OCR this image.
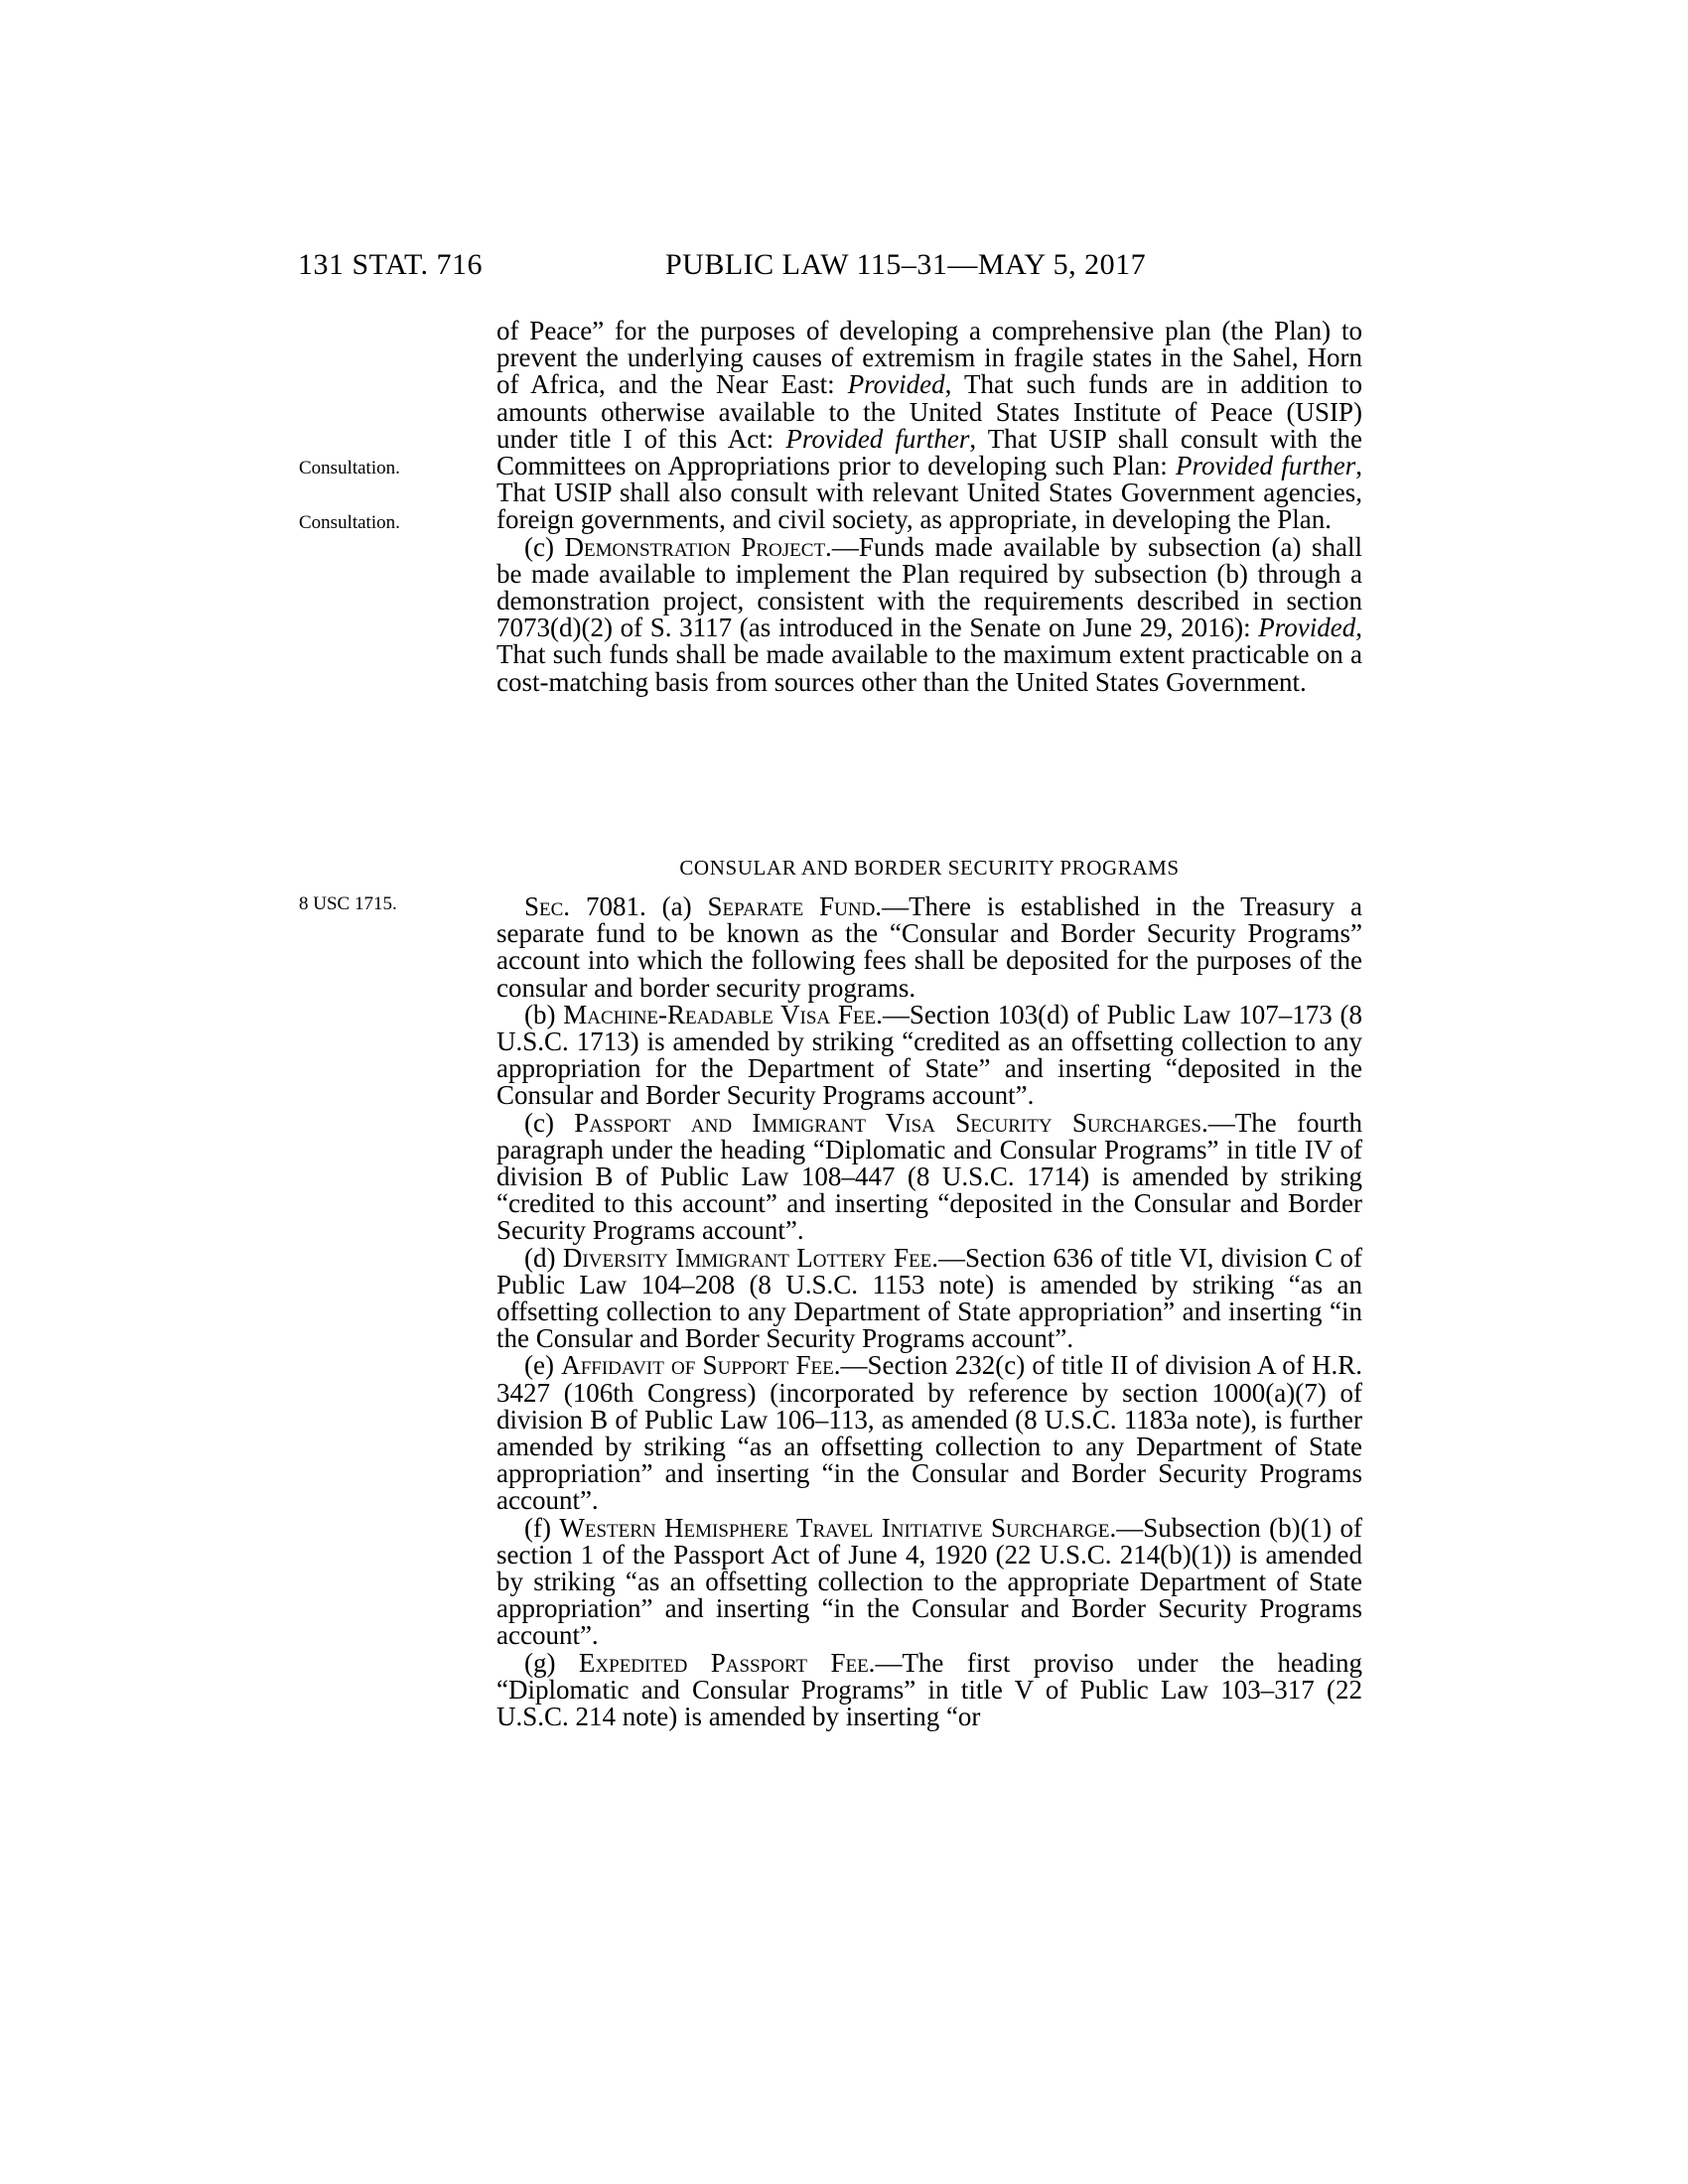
131 STAT. 716	PUBLIC LAW 115–31—MAY 5, 2017
Consultation.
Consultation.
8 USC 1715.

of Peace” for the purposes of developing a comprehensive plan (the Plan) to prevent the underlying causes of extremism in fragile states in the Sahel, Horn of Africa, and the Near East: Provided, That such funds are in addition to amounts otherwise available to the United States Institute of Peace (USIP) under title I of this Act: Provided further, That USIP shall consult with the Committees on Appropriations prior to developing such Plan: Provided further, That USIP shall also consult with relevant United States Government agencies, foreign governments, and civil society, as appropriate, in developing the Plan.

(c) Demonstration Project.—Funds made available by subsection (a) shall be made available to implement the Plan required by subsection (b) through a demonstration project, consistent with the requirements described in section 7073(d)(2) of S. 3117 (as introduced in the Senate on June 29, 2016): Provided, That such funds shall be made available to the maximum extent practicable on a cost-matching basis from sources other than the United States Government.

CONSULAR AND BORDER SECURITY PROGRAMS

Sec. 7081. (a) Separate Fund.—There is established in the Treasury a separate fund to be known as the “Consular and Border Security Programs” account into which the following fees shall be deposited for the purposes of the consular and border security programs.

(b) Machine-Readable Visa Fee.—Section 103(d) of Public Law 107–173 (8 U.S.C. 1713) is amended by striking “credited as an offsetting collection to any appropriation for the Department of State” and inserting “deposited in the Consular and Border Security Programs account”.

(c) Passport and Immigrant Visa Security Surcharges.—The fourth paragraph under the heading “Diplomatic and Consular Programs” in title IV of division B of Public Law 108–447 (8 U.S.C. 1714) is amended by striking “credited to this account” and inserting “deposited in the Consular and Border Security Programs account”.

(d) Diversity Immigrant Lottery Fee.—Section 636 of title VI, division C of Public Law 104–208 (8 U.S.C. 1153 note) is amended by striking “as an offsetting collection to any Department of State appropriation” and inserting “in the Consular and Border Security Programs account”.

(e) Affidavit of Support Fee.—Section 232(c) of title II of division A of H.R. 3427 (106th Congress) (incorporated by reference by section 1000(a)(7) of division B of Public Law 106–113, as amended (8 U.S.C. 1183a note), is further amended by striking “as an offsetting collection to any Department of State appropriation” and inserting “in the Consular and Border Security Programs account”.

(f) Western Hemisphere Travel Initiative Surcharge.—Subsection (b)(1) of section 1 of the Passport Act of June 4, 1920 (22 U.S.C. 214(b)(1)) is amended by striking “as an offsetting collection to the appropriate Department of State appropriation” and inserting “in the Consular and Border Security Programs account”.

(g) Expedited Passport Fee.—The first proviso under the heading “Diplomatic and Consular Programs” in title V of Public Law 103–317 (22 U.S.C. 214 note) is amended by inserting “or
